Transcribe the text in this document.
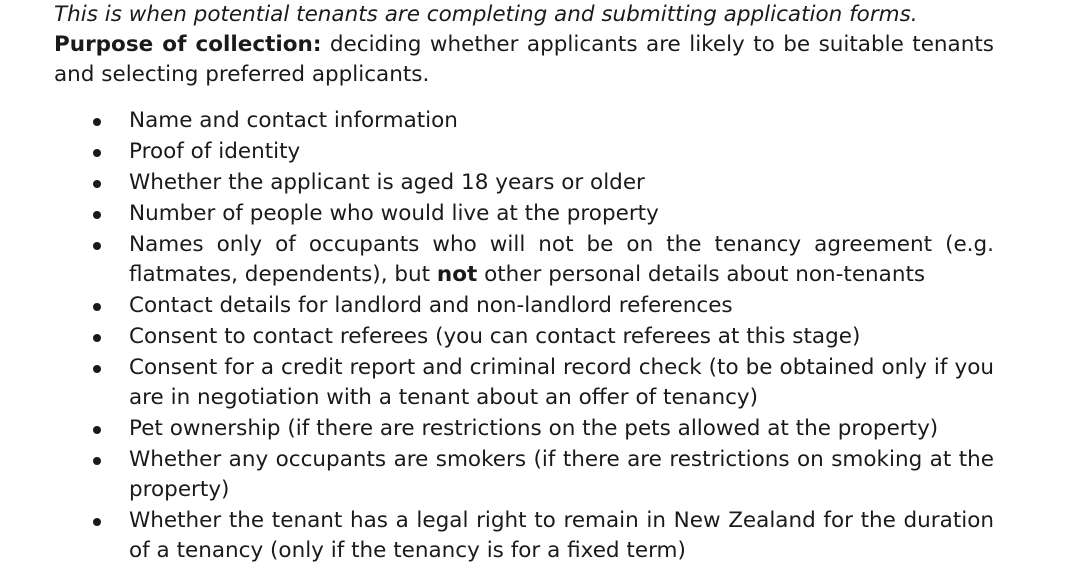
This is when potential tenants are completing and submitting application forms.
Purpose of collection: deciding whether applicants are likely to be suitable tenants and selecting preferred applicants.

Name and contact information
Proof of identity
Whether the applicant is aged 18 years or older
Number of people who would live at the property
Names only of occupants who will not be on the tenancy agreement (e.g. flatmates, dependents), but not other personal details about non-tenants
Contact details for landlord and non-landlord references
Consent to contact referees (you can contact referees at this stage)
Consent for a credit report and criminal record check (to be obtained only if you are in negotiation with a tenant about an offer of tenancy)
Pet ownership (if there are restrictions on the pets allowed at the property)
Whether any occupants are smokers (if there are restrictions on smoking at the property)
Whether the tenant has a legal right to remain in New Zealand for the duration of a tenancy (only if the tenancy is for a fixed term)
